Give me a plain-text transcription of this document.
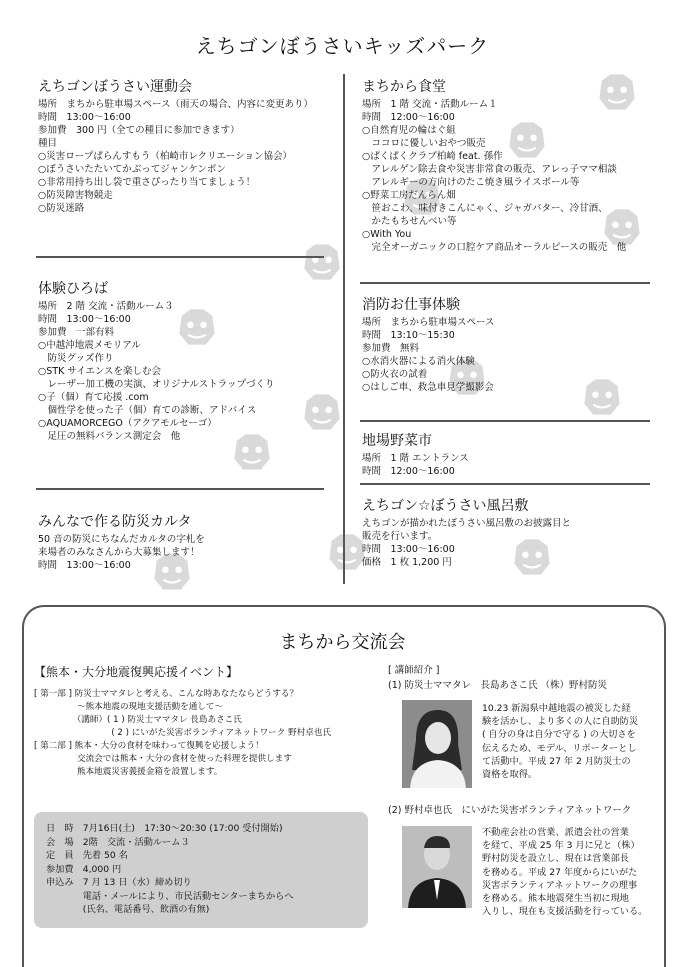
えちゴンぼうさいキッズパーク
えちゴンぼうさい運動会
場所　まちから駐車場スペース（雨天の場合、内容に変更あり）
時間　13:00〜16:00
参加費　300 円（全ての種目に参加できます）
種目
○災害ロープぱらんすもう（柏崎市レクリエーション協会）
○ぼうさいたたいてかぶってジャンケンポン
○非常用持ち出し袋で重さぴったり当てましょう！
○防災障害物競走
○防災迷路
体験ひろば
場所　2 階 交流・活動ルーム３
時間　13:00〜16:00
参加費　一部有料
○中越沖地震メモリアル
　防災グッズ作り
○STK サイエンスを楽しむ会
　レーザー加工機の実演、オリジナルストラップづくり
○子（個）育て応援 .com
　個性学を使った子（個）育ての診断、アドバイス
○AQUAMORCEGO（アクアモルセーゴ）
　足圧の無料バランス測定会　他
みんなで作る防災カルタ
50 音の防災にちなんだカルタの字札を
来場者のみなさんから大募集します！
時間　13:00〜16:00
まちから食堂
場所　1 階 交流・活動ルーム１
時間　12:00〜16:00
○自然育児の輪はぐ組
　ココロに優しいおやつ販売
○ぱくぱくクラブ柏崎 feat. 孫作
　アレルゲン除去食や災害非常食の販売、アレっ子ママ相談
　アレルギーの方向けのたこ焼き風ライスボール等
○野菜工房だんらん畑
　笹おこわ、味付きこんにゃく、ジャガバター、冷甘酒、
　かたもちせんべい等
○With You
　完全オーガニックの口腔ケア商品オーラルピースの販売　他
消防お仕事体験
場所　まちから駐車場スペース
時間　13:10〜15:30
参加費　無料
○水消火器による消火体験
○防火衣の試着
○はしご車、救急車見学撮影会
地場野菜市
場所　1 階 エントランス
時間　12:00〜16:00
えちゴン☆ぼうさい風呂敷
えちゴンが描かれたぼうさい風呂敷のお披露目と
販売を行います。
時間　13:00〜16:00
価格　1 枚 1,200 円
まちから交流会
【熊本・大分地震復興応援イベント】
[ 第一部 ] 防災士ママタレと考える、こんな時あなたならどうする？
　　　　　〜熊本地震の現地支援活動を通して〜
　　　　　（講師）( 1 ) 防災士ママタレ 長島あさこ氏
　　　　　　　　　( 2 ) にいがた災害ボランティアネットワーク 野村卓也氏
[ 第二部 ] 熊本・大分の食材を味わって復興を応援しよう！
　　　　　交流会では熊本・大分の食材を使った料理を提供します
　　　　　熊本地震災害義援金箱を設置します。
日　時　7月16日(土)　17:30〜20:30 (17:00 受付開始)
会　場　2階　交流・活動ルーム３
定　員　先着 50 名
参加費　4,000 円
申込み　7 月 13 日（水）締め切り
　　　　電話・メールにより、市民活動センターまちからへ
　　　　(氏名、電話番号、飲酒の有無)
[ 講師紹介 ]
(1) 防災士ママタレ　長島あさこ氏 （株）野村防災
10.23 新潟県中越地震の被災した経
験を活かし、より多くの人に自助防災
( 自分の身は自分で守る ) の大切さを
伝えるため、モデル、リポーターとし
て活動中。平成 27 年 2 月防災士の
資格を取得。
(2) 野村卓也氏　にいがた災害ボランティアネットワーク
不動産会社の営業、派遣会社の営業
を経て、平成 25 年 3 月に兄と（株）
野村防災を設立し、現在は営業部長
を務める。平成 27 年度からにいがた
災害ボランティアネットワークの理事
を務める。熊本地震発生当初に現地
入りし、現在も支援活動を行っている。
